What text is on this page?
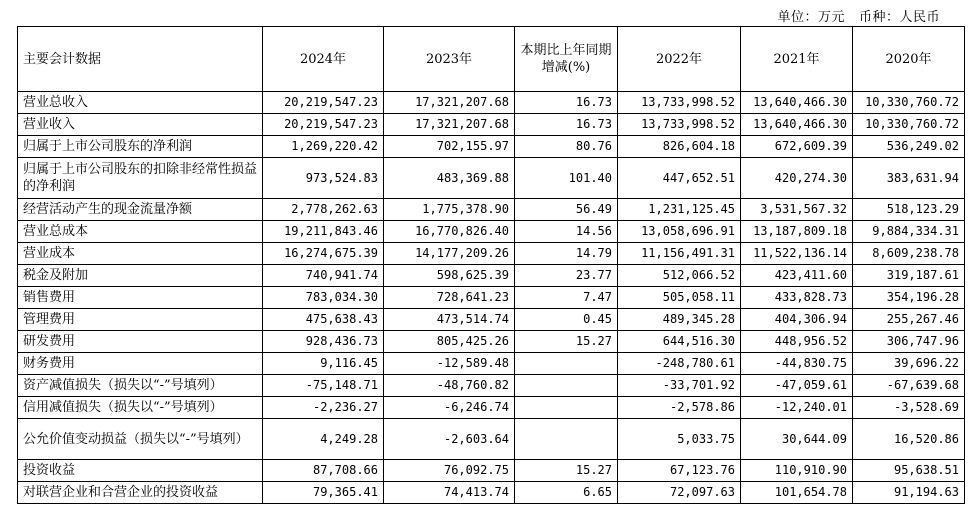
单位：万元 币种：人民币
主要会计数据	2024年	2023年	本期比上年同期增减(%)	2022年	2021年	2020年
营业总收入	20,219,547.23	17,321,207.68	16.73	13,733,998.52	13,640,466.30	10,330,760.72
营业收入	20,219,547.23	17,321,207.68	16.73	13,733,998.52	13,640,466.30	10,330,760.72
归属于上市公司股东的净利润	1,269,220.42	702,155.97	80.76	826,604.18	672,609.39	536,249.02
归属于上市公司股东的扣除非经常性损益的净利润	973,524.83	483,369.88	101.40	447,652.51	420,274.30	383,631.94
经营活动产生的现金流量净额	2,778,262.63	1,775,378.90	56.49	1,231,125.45	3,531,567.32	518,123.29
营业总成本	19,211,843.46	16,770,826.40	14.56	13,058,696.91	13,187,809.18	9,884,334.31
营业成本	16,274,675.39	14,177,209.26	14.79	11,156,491.31	11,522,136.14	8,609,238.78
税金及附加	740,941.74	598,625.39	23.77	512,066.52	423,411.60	319,187.61
销售费用	783,034.30	728,641.23	7.47	505,058.11	433,828.73	354,196.28
管理费用	475,638.43	473,514.74	0.45	489,345.28	404,306.94	255,267.46
研发费用	928,436.73	805,425.26	15.27	644,516.30	448,956.52	306,747.96
财务费用	9,116.45	-12,589.48		-248,780.61	-44,830.75	39,696.22
资产减值损失（损失以“-”号填列）	-75,148.71	-48,760.82		-33,701.92	-47,059.61	-67,639.68
信用减值损失（损失以“-”号填列）	-2,236.27	-6,246.74		-2,578.86	-12,240.01	-3,528.69
公允价值变动损益（损失以“-”号填列）	4,249.28	-2,603.64		5,033.75	30,644.09	16,520.86
投资收益	87,708.66	76,092.75	15.27	67,123.76	110,910.90	95,638.51
对联营企业和合营企业的投资收益	79,365.41	74,413.74	6.65	72,097.63	101,654.78	91,194.63
